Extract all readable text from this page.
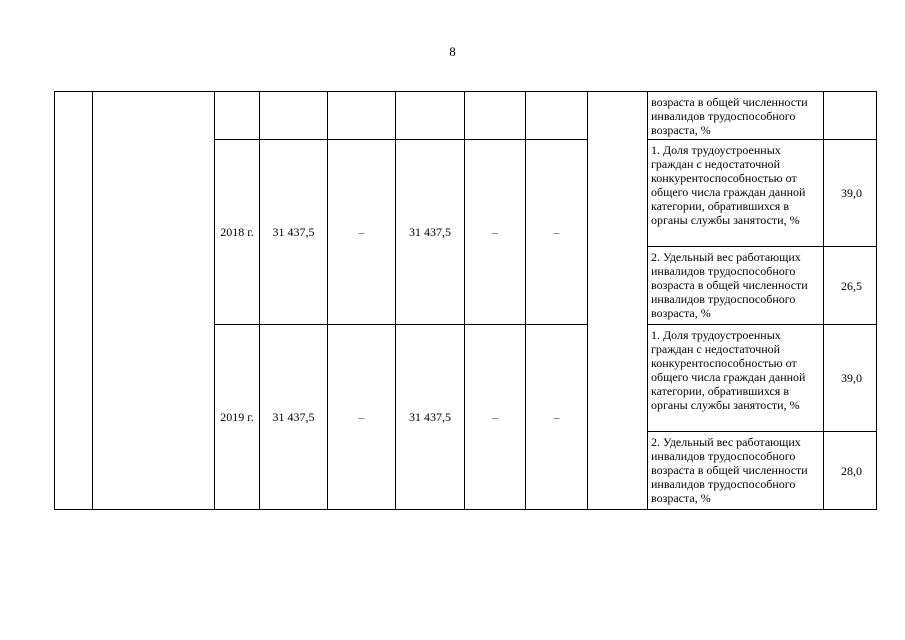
8
									возраста в общей численности инвалидов трудоспособного возраста, %	
		2018 г.	31 437,5	–	31 437,5	–	–		1. Доля трудоустроенных граждан с недостаточной конкурентоспособностью от общего числа граждан данной категории, обратившихся в органы службы занятости, %	39,0
									2. Удельный вес работающих инвалидов трудоспособного возраста в общей численности инвалидов трудоспособного возраста, %	26,5
		2019 г.	31 437,5	–	31 437,5	–	–		1. Доля трудоустроенных граждан с недостаточной конкурентоспособностью от общего числа граждан данной категории, обратившихся в органы службы занятости, %	39,0
									2. Удельный вес работающих инвалидов трудоспособного возраста в общей численности инвалидов трудоспособного возраста, %	28,0
